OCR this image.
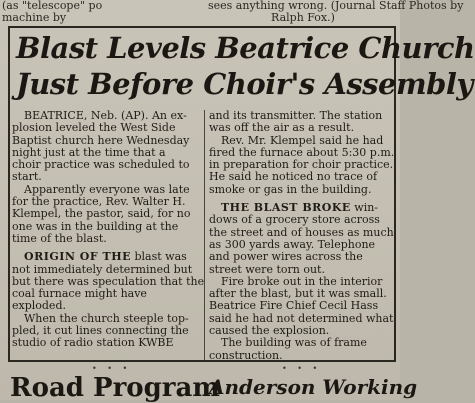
(as "telescope" po
machine by
sees anything wrong. (Journal Staff Photos by
Ralph Fox.)
Blast Levels Beatrice Church
Just Before Choir's Assembly

BEATRICE, Neb. (AP). An ex-
plosion leveled the West Side
Baptist church here Wednesday
night just at the time that a
choir practice was scheduled to
start.

Apparently everyone was late
for the practice, Rev. Walter H.
Klempel, the pastor, said, for no
one was in the building at the
time of the blast.

ORIGIN OF THE blast was
not immediately determined but
but there was speculation that the
coal furnace might have
exploded.

When the church steeple top-
pled, it cut lines connecting the
studio of radio station KWBE

and its transmitter. The station
was off the air as a result.

Rev. Mr. Klempel said he had
fired the furnace about 5:30 p.m.
in preparation for choir practice.
He said he noticed no trace of
smoke or gas in the building.

THE BLAST BROKE win-
dows of a grocery store across
the street and of houses as much
as 300 yards away. Telephone
and power wires across the
street were torn out.

Fire broke out in the interior
after the blast, but it was small.
Beatrice Fire Chief Cecil Hass
said he had not determined what
caused the explosion.

The building was of frame
construction.

• • •	• • •
Road Program
Anderson Working
